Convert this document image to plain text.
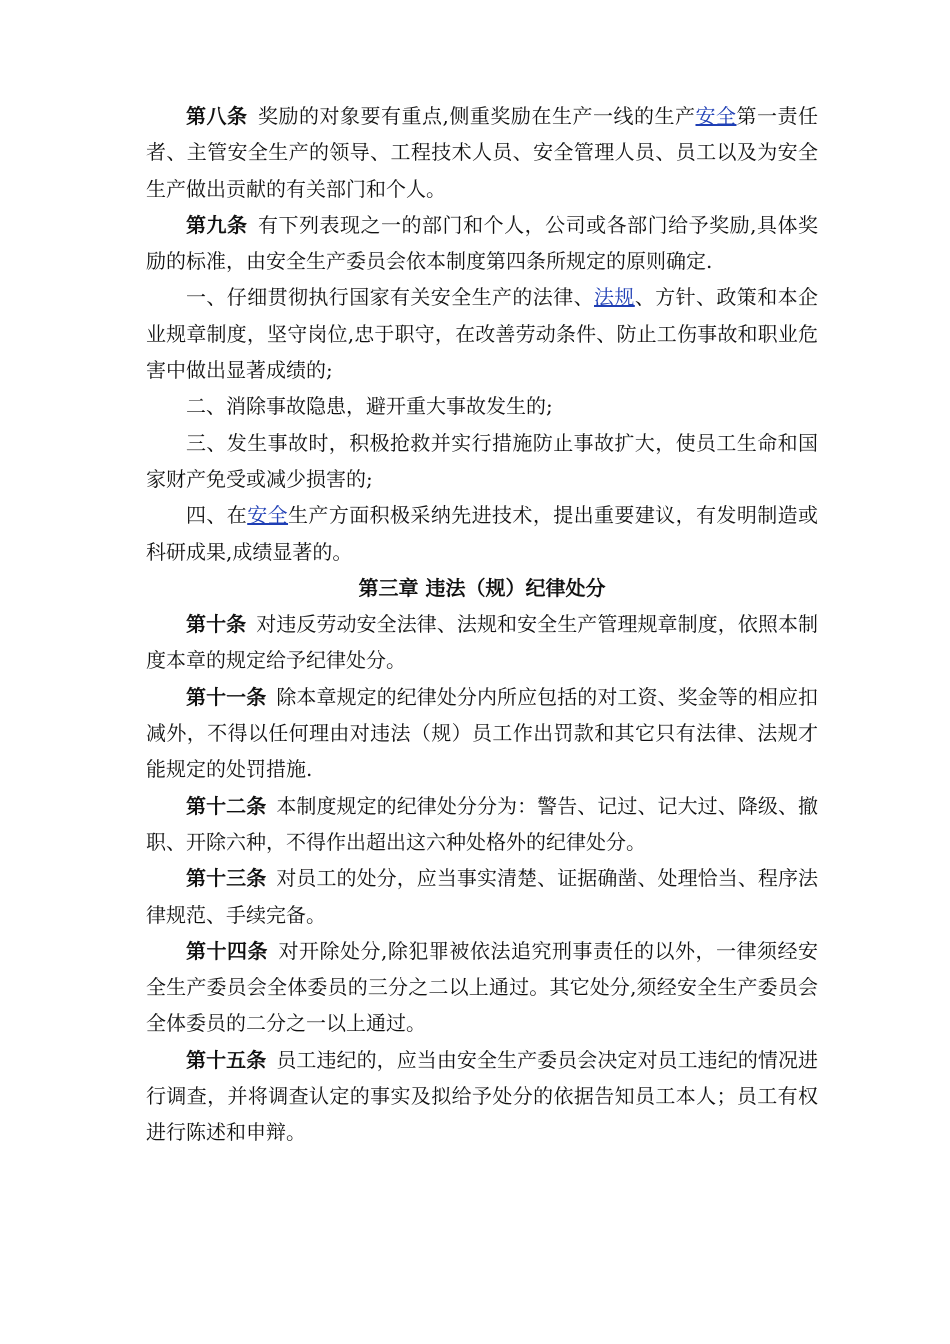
第八条 奖励的对象要有重点,侧重奖励在生产一线的生产安全第一责任者、主管安全生产的领导、工程技术人员、安全管理人员、员工以及为安全生产做出贡献的有关部门和个人。

第九条 有下列表现之一的部门和个人，公司或各部门给予奖励,具体奖励的标准，由安全生产委员会依本制度第四条所规定的原则确定.

一、仔细贯彻执行国家有关安全生产的法律、法规、方针、政策和本企业规章制度，坚守岗位,忠于职守，在改善劳动条件、防止工伤事故和职业危害中做出显著成绩的;

二、消除事故隐患，避开重大事故发生的;

三、发生事故时，积极抢救并实行措施防止事故扩大，使员工生命和国家财产免受或减少损害的;

四、在安全生产方面积极采纳先进技术，提出重要建议，有发明制造或科研成果,成绩显著的。

第三章 违法（规）纪律处分

第十条 对违反劳动安全法律、法规和安全生产管理规章制度，依照本制度本章的规定给予纪律处分。

第十一条 除本章规定的纪律处分内所应包括的对工资、奖金等的相应扣减外，不得以任何理由对违法（规）员工作出罚款和其它只有法律、法规才能规定的处罚措施.

第十二条 本制度规定的纪律处分分为：警告、记过、记大过、降级、撤职、开除六种，不得作出超出这六种处格外的纪律处分。

第十三条 对员工的处分，应当事实清楚、证据确凿、处理恰当、程序法律规范、手续完备。

第十四条 对开除处分,除犯罪被依法追究刑事责任的以外，一律须经安全生产委员会全体委员的三分之二以上通过。其它处分,须经安全生产委员会全体委员的二分之一以上通过。

第十五条 员工违纪的，应当由安全生产委员会决定对员工违纪的情况进行调查，并将调查认定的事实及拟给予处分的依据告知员工本人；员工有权进行陈述和申辩。
